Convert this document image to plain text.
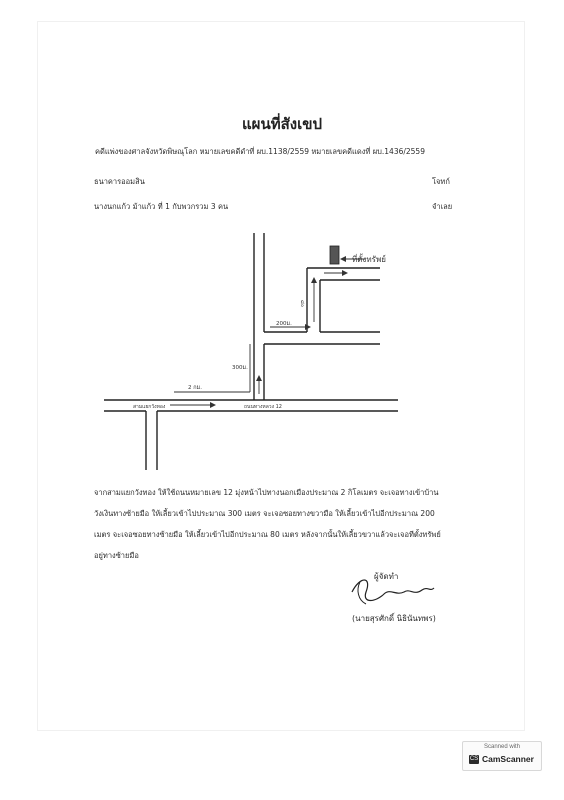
แผนที่สังเขป
คดีแพ่งของศาลจังหวัดพิษณุโลก หมายเลขคดีดำที่ ผบ.1138/2559 หมายเลขคดีแดงที่ ผบ.1436/2559
ธนาคารออมสิน	โจทก์
นางนกแก้ว ม้าแก้ว ที่ 1 กับพวกรวม 3 คน	จำเลย
ที่ตั้งทรัพย์
๘๐
200ม.
300ม.
2 กม.
สามแยกวังทอง	ถนนทางหลวง 12
จากสามแยกวังทอง ให้ใช้ถนนหมายเลข 12 มุ่งหน้าไปทางนอกเมืองประมาณ 2 กิโลเมตร จะเจอทางเข้าบ้าน
วังเงินทางซ้ายมือ ให้เลี้ยวเข้าไปประมาณ 300 เมตร จะเจอซอยทางขวามือ ให้เลี้ยวเข้าไปอีกประมาณ 200
เมตร จะเจอซอยทางซ้ายมือ ให้เลี้ยวเข้าไปอีกประมาณ 80 เมตร หลังจากนั้นให้เลี้ยวขวาแล้วจะเจอทีตั้งทรัพย์
อยู่ทางซ้ายมือ
ผู้จัดทำ
(นายสุรศักดิ์ นิธินันทพร)
Scanned with
CS CamScanner
